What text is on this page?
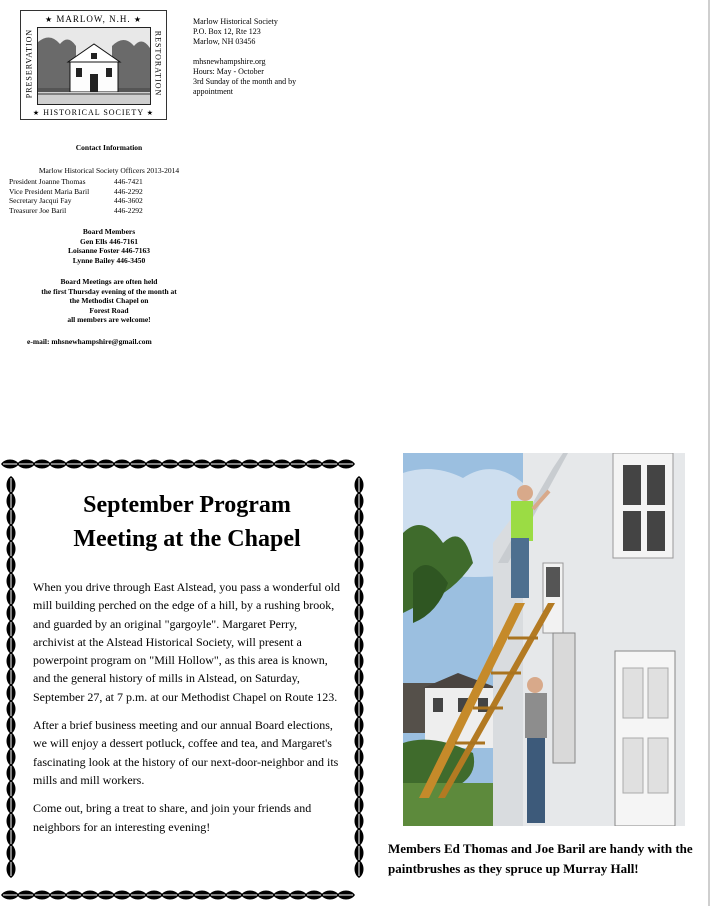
★ MARLOW, N.H. ★
PRESERVATION	RESTORATION
★ HISTORICAL SOCIETY ★
Marlow Historical Society
P.O. Box 12, Rte 123
Marlow, NH 03456
mhsnewhampshire.org
Hours: May - October
3rd Sunday of the month and by appointment
Contact Information
Marlow Historical Society Officers 2013-2014
President Joanne Thomas	446-7421
Vice President Maria Baril	446-2292
Secretary Jacqui Fay	446-3602
Treasurer Joe Baril	446-2292
Board Members
Gen Ells 446-7161
Loisanne Foster 446-7163
Lynne Bailey 446-3450
Board Meetings are often held
the first Thursday evening of the month at
the Methodist Chapel on
Forest Road
all members are welcome!
e-mail: mhsnewhampshire@gmail.com
September Program
Meeting at the Chapel

When you drive through East Alstead, you pass a wonderful old mill building perched on the edge of a hill, by a rushing brook, and guarded by an original "gargoyle". Margaret Perry, archivist at the Alstead Historical Society, will present a powerpoint program on "Mill Hollow", as this area is known, and the general history of mills in Alstead, on Saturday, September 27, at 7 p.m. at our Methodist Chapel on Route 123.

After a brief business meeting and our annual Board elections, we will enjoy a dessert potluck, coffee and tea, and Margaret's fascinating look at the history of our next-door-neighbor and its mills and mill workers.

Come out, bring a treat to share, and join your friends and neighbors for an interesting evening!

Members Ed Thomas and Joe Baril are handy with the paintbrushes as they spruce up Murray Hall!
